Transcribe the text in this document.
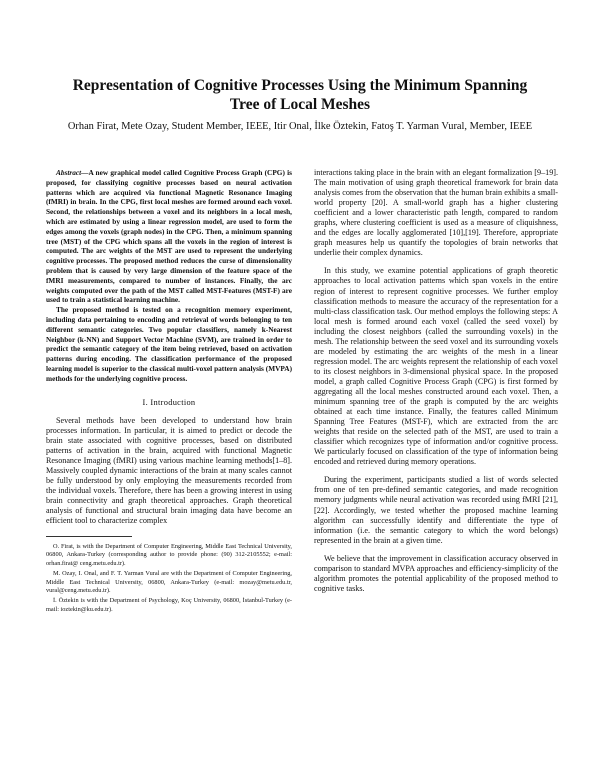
Representation of Cognitive Processes Using the Minimum Spanning Tree of Local Meshes
Orhan Firat, Mete Ozay, Student Member, IEEE, Itir Onal, İlke Öztekin, Fatoş T. Yarman Vural, Member, IEEE

Abstract—A new graphical model called Cognitive Process Graph (CPG) is proposed, for classifying cognitive processes based on neural activation patterns which are acquired via functional Magnetic Resonance Imaging (fMRI) in brain. In the CPG, first local meshes are formed around each voxel. Second, the relationships between a voxel and its neighbors in a local mesh, which are estimated by using a linear regression model, are used to form the edges among the voxels (graph nodes) in the CPG. Then, a minimum spanning tree (MST) of the CPG which spans all the voxels in the region of interest is computed. The arc weights of the MST are used to represent the underlying cognitive processes. The proposed method reduces the curse of dimensionality problem that is caused by very large dimension of the feature space of the fMRI measurements, compared to number of instances. Finally, the arc weights computed over the path of the MST called MST-Features (MST-F) are used to train a statistical learning machine.

The proposed method is tested on a recognition memory experiment, including data pertaining to encoding and retrieval of words belonging to ten different semantic categories. Two popular classifiers, namely k-Nearest Neighbor (k-NN) and Support Vector Machine (SVM), are trained in order to predict the semantic category of the item being retrieved, based on activation patterns during encoding. The classification performance of the proposed learning model is superior to the classical multi-voxel pattern analysis (MVPA) methods for the underlying cognitive process.

I. Introduction

Several methods have been developed to understand how brain processes information. In particular, it is aimed to predict or decode the brain state associated with cognitive processes, based on distributed patterns of activation in the brain, acquired with functional Magnetic Resonance Imaging (fMRI) using various machine learning methods[1–8]. Massively coupled dynamic interactions of the brain at many scales cannot be fully understood by only employing the measurements recorded from the individual voxels. Therefore, there has been a growing interest in using brain connectivity and graph theoretical approaches. Graph theoretical analysis of functional and structural brain imaging data have become an efficient tool to characterize complex

O. Firat, is with the Department of Computer Engineering, Middle East Technical University, 06800, Ankara-Turkey (corresponding author to provide phone: (90) 312-2105552; e-mail: orhan.firat@ ceng.metu.edu.tr).

M. Ozay, I. Onal, and F. T. Yarman Vural are with the Department of Computer Engineering, Middle East Technical University, 06800, Ankara-Turkey (e-mail: mozay@metu.edu.tr, vural@ceng.metu.edu.tr).

İ. Öztekin is with the Department of Psychology, Koç University, 06800, İstanbul-Turkey (e-mail: ioztekin@ku.edu.tr).

interactions taking place in the brain with an elegant formalization [9–19]. The main motivation of using graph theoretical framework for brain data analysis comes from the observation that the human brain exhibits a small-world property [20]. A small-world graph has a higher clustering coefficient and a lower characteristic path length, compared to random graphs, where clustering coefficient is used as a measure of cliquishness, and the edges are locally agglomerated [10],[19]. Therefore, appropriate graph measures help us quantify the topologies of brain networks that underlie their complex dynamics.

In this study, we examine potential applications of graph theoretic approaches to local activation patterns which span voxels in the entire region of interest to represent cognitive processes. We further employ classification methods to measure the accuracy of the representation for a multi-class classification task. Our method employs the following steps: A local mesh is formed around each voxel (called the seed voxel) by including the closest neighbors (called the surrounding voxels) in the mesh. The relationship between the seed voxel and its surrounding voxels are modeled by estimating the arc weights of the mesh in a linear regression model. The arc weights represent the relationship of each voxel to its closest neighbors in 3-dimensional physical space. In the proposed model, a graph called Cognitive Process Graph (CPG) is first formed by aggregating all the local meshes constructed around each voxel. Then, a minimum spanning tree of the graph is computed by the arc weights obtained at each time instance. Finally, the features called Minimum Spanning Tree Features (MST-F), which are extracted from the arc weights that reside on the selected path of the MST, are used to train a classifier which recognizes type of information and/or cognitive process. We particularly focused on classification of the type of information being encoded and retrieved during memory operations.

During the experiment, participants studied a list of words selected from one of ten pre-defined semantic categories, and made recognition memory judgments while neural activation was recorded using fMRI [21], [22]. Accordingly, we tested whether the proposed machine learning algorithm can successfully identify and differentiate the type of information (i.e. the semantic category to which the word belongs) represented in the brain at a given time.

We believe that the improvement in classification accuracy observed in comparison to standard MVPA approaches and efficiency-simplicity of the algorithm promotes the potential applicability of the proposed method to cognitive tasks.
